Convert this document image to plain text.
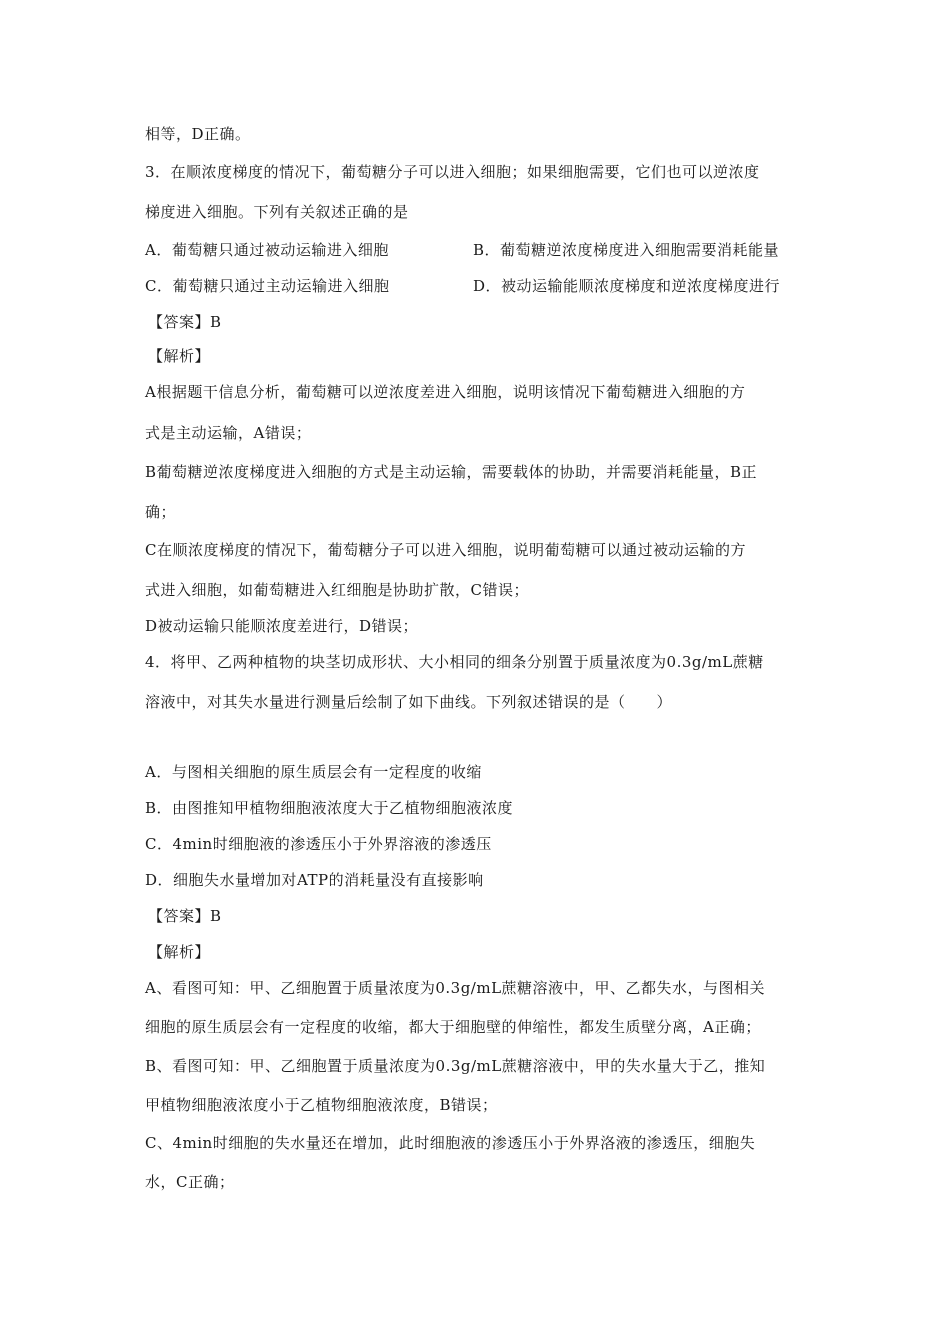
相等，D正确。
3．在顺浓度梯度的情况下，葡萄糖分子可以进入细胞；如果细胞需要，它们也可以逆浓度
梯度进入细胞。下列有关叙述正确的是
A．葡萄糖只通过被动运输进入细胞	B．葡萄糖逆浓度梯度进入细胞需要消耗能量
C．葡萄糖只通过主动运输进入细胞	D．被动运输能顺浓度梯度和逆浓度梯度进行
【答案】B
【解析】
A根据题干信息分析，葡萄糖可以逆浓度差进入细胞，说明该情况下葡萄糖进入细胞的方
式是主动运输，A错误；
B葡萄糖逆浓度梯度进入细胞的方式是主动运输，需要载体的协助，并需要消耗能量，B正
确；
C在顺浓度梯度的情况下，葡萄糖分子可以进入细胞，说明葡萄糖可以通过被动运输的方
式进入细胞，如葡萄糖进入红细胞是协助扩散，C错误；
D被动运输只能顺浓度差进行，D错误；
4．将甲、乙两种植物的块茎切成形状、大小相同的细条分别置于质量浓度为0.3g/mL蔗糖
溶液中，对其失水量进行测量后绘制了如下曲线。下列叙述错误的是（　　）
A．与图相关细胞的原生质层会有一定程度的收缩
B．由图推知甲植物细胞液浓度大于乙植物细胞液浓度
C．4min时细胞液的渗透压小于外界溶液的渗透压
D．细胞失水量增加对ATP的消耗量没有直接影响
【答案】B
【解析】
A、看图可知：甲、乙细胞置于质量浓度为0.3g/mL蔗糖溶液中，甲、乙都失水，与图相关
细胞的原生质层会有一定程度的收缩，都大于细胞壁的伸缩性，都发生质壁分离，A正确；
B、看图可知：甲、乙细胞置于质量浓度为0.3g/mL蔗糖溶液中，甲的失水量大于乙，推知
甲植物细胞液浓度小于乙植物细胞液浓度，B错误；
C、4min时细胞的失水量还在增加，此时细胞液的渗透压小于外界洛液的渗透压，细胞失
水，C正确；
